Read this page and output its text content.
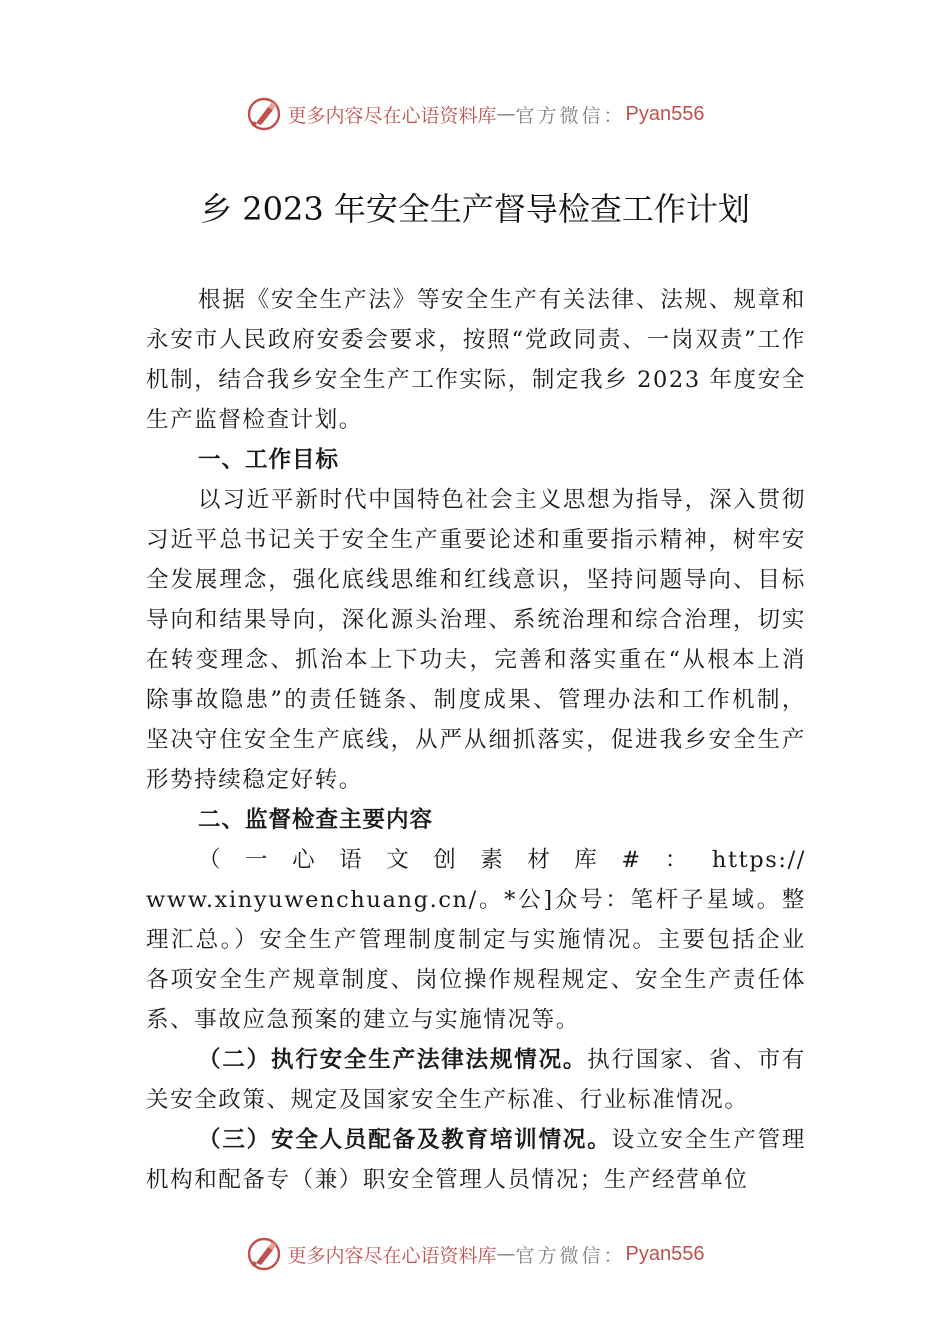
更多内容尽在心语资料库 — 官方微信： Pyan556
乡 2023 年安全生产督导检查工作计划

根据《安全生产法》等安全生产有关法律、法规、规章和永安市人民政府安委会要求，按照“党政同责、一岗双责”工作机制，结合我乡安全生产工作实际，制定我乡 2023 年度安全生产监督检查计划。

一、工作目标

以习近平新时代中国特色社会主义思想为指导，深入贯彻习近平总书记关于安全生产重要论述和重要指示精神，树牢安全发展理念，强化底线思维和红线意识，坚持问题导向、目标导向和结果导向，深化源头治理、系统治理和综合治理，切实在转变理念、抓治本上下功夫，完善和落实重在“从根本上消除事故隐患”的责任链条、制度成果、管理办法和工作机制，坚决守住安全生产底线，从严从细抓落实，促进我乡安全生产形势持续稳定好转。

二、监督检查主要内容

（ 一 心 语 文 创 素 材 库 # ： https://

www.xinyuwenchuang.cn/。*公]众号：笔杆子星域。整理汇总。）安全生产管理制度制定与实施情况。主要包括企业各项安全生产规章制度、岗位操作规程规定、安全生产责任体系、事故应急预案的建立与实施情况等。

（二）执行安全生产法律法规情况。执行国家、省、市有关安全政策、规定及国家安全生产标准、行业标准情况。

（三）安全人员配备及教育培训情况。设立安全生产管理机构和配备专（兼）职安全管理人员情况；生产经营单位

更多内容尽在心语资料库 — 官方微信： Pyan556
